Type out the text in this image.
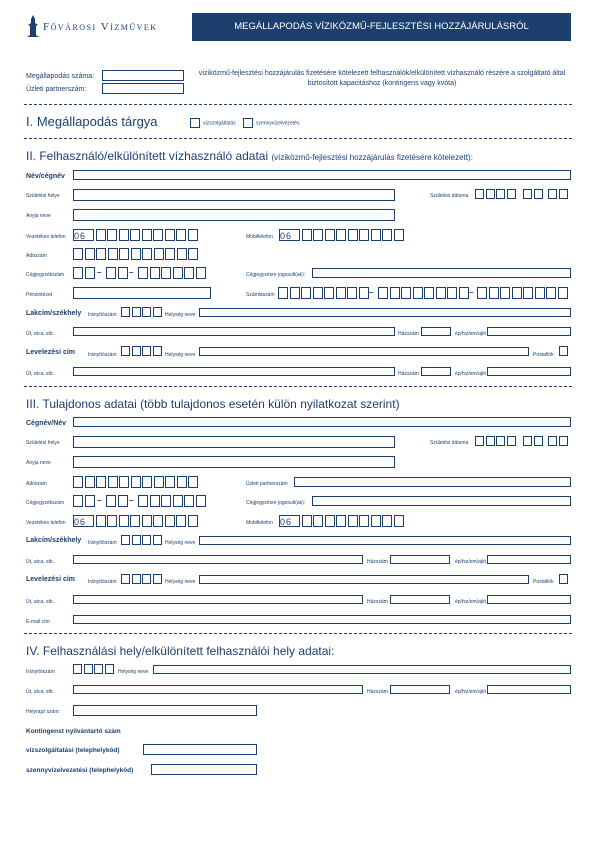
Fővárosi Vízművek	MEGÁLLAPODÁS VÍZIKÖZMŰ-FEJLESZTÉSI HOZZÁJÁRULÁSRÓL
Megállapodás száma:
Üzleti partnerszám:
víziközmű-fejlesztési hozzájárulás fizetésére kötelezett felhasználók/elkülönített vízhasználó részére a szolgáltató által biztosított kapacitáshoz (kontingens vagy kvóta)
I. Megállapodás tárgya	vízszolgáltatás	szennyvízelvezetés
II. Felhasználó/elkülönített vízhasználó adatai (víziközmű-fejlesztési hozzájárulás fizetésére kötelezett):
Név/cégnév
Születési helye	Születési dátuma
Anyja neve
Vezetékes telefon 06	Mobiltelefon 06
Adószám
Cégjegyzékszám	–	–	Cégjegyzésre jogosult(ak):
Pénzintézet	Számlaszám	–	–
Lakcím/székhely Irányítószám	Helység neve
Út, utca, stb.	Házszám	ép/fsz/em/ajtó
Levelezési cím	Irányítószám	Helység neve	Postafiók
Út, utca, stb.	Házszám	ép/fsz/em/ajtó
III. Tulajdonos adatai (több tulajdonos esetén külön nyilatkozat szerint)
Cégnév/Név
Születési helye	Születési dátuma
Anyja neve
Adószám	Üzleti partnerszám
Cégjegyzékszám	–	–	Cégjegyzésre jogosult(ak):
Vezetékes telefon 06	Mobiltelefon 06
Lakcím/székhely Irányítószám	Helység neve
Út, utca, stb.	Házszám	ép/fsz/em/ajtó
Levelezési cím	Irányítószám	Helység neve	Postafiók
Út, utca, stb.	Házszám	ép/fsz/em/ajtó
E-mail cím
IV. Felhasználási hely/elkülönített felhasználói hely adatai:
Irányítószám	Helység neve
Út, utca, stb.	Házszám	ép/fsz/em/ajtó
Helyrajzi szám:
Kontingenst nyilvántartó szám
vízszolgáltatási (telephelykód)
szennyvízelvezetési (telephelykód)
